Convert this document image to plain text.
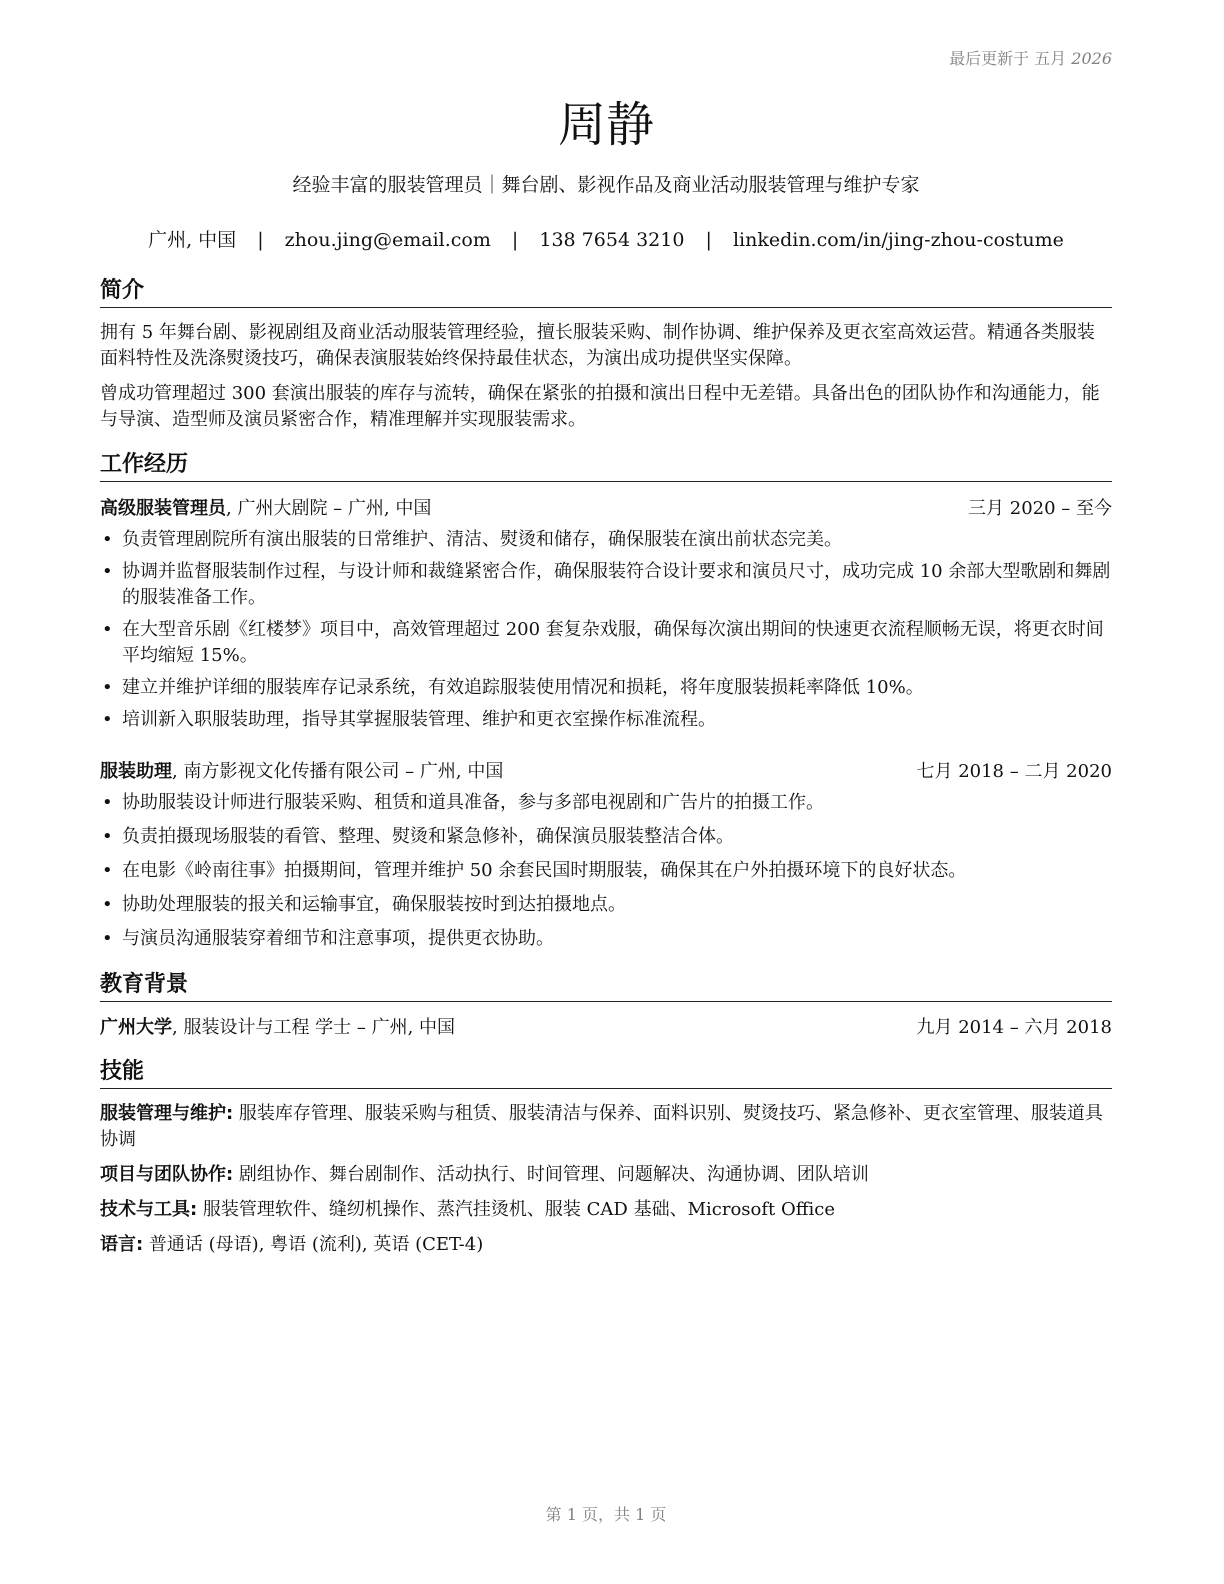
最后更新于 五月 2026
周静
经验丰富的服装管理员｜舞台剧、影视作品及商业活动服装管理与维护专家
广州, 中国 | zhou.jing@email.com | 138 7654 3210 | linkedin.com/in/jing-zhou-costume
简介

拥有 5 年舞台剧、影视剧组及商业活动服装管理经验，擅长服装采购、制作协调、维护保养及更衣室高效运营。精通各类服装面料特性及洗涤熨烫技巧，确保表演服装始终保持最佳状态，为演出成功提供坚实保障。

曾成功管理超过 300 套演出服装的库存与流转，确保在紧张的拍摄和演出日程中无差错。具备出色的团队协作和沟通能力，能与导演、造型师及演员紧密合作，精准理解并实现服装需求。

工作经历
高级服装管理员, 广州大剧院 – 广州, 中国	三月 2020 – 至今
• 负责管理剧院所有演出服装的日常维护、清洁、熨烫和储存，确保服装在演出前状态完美。
• 协调并监督服装制作过程，与设计师和裁缝紧密合作，确保服装符合设计要求和演员尺寸，成功完成 10 余部大型歌剧和舞剧的服装准备工作。
• 在大型音乐剧《红楼梦》项目中，高效管理超过 200 套复杂戏服，确保每次演出期间的快速更衣流程顺畅无误，将更衣时间平均缩短 15%。
• 建立并维护详细的服装库存记录系统，有效追踪服装使用情况和损耗，将年度服装损耗率降低 10%。
• 培训新入职服装助理，指导其掌握服装管理、维护和更衣室操作标准流程。
服装助理, 南方影视文化传播有限公司 – 广州, 中国	七月 2018 – 二月 2020
• 协助服装设计师进行服装采购、租赁和道具准备，参与多部电视剧和广告片的拍摄工作。
• 负责拍摄现场服装的看管、整理、熨烫和紧急修补，确保演员服装整洁合体。
• 在电影《岭南往事》拍摄期间，管理并维护 50 余套民国时期服装，确保其在户外拍摄环境下的良好状态。
• 协助处理服装的报关和运输事宜，确保服装按时到达拍摄地点。
• 与演员沟通服装穿着细节和注意事项，提供更衣协助。
教育背景
广州大学, 服装设计与工程 学士 – 广州, 中国	九月 2014 – 六月 2018
技能

服装管理与维护: 服装库存管理、服装采购与租赁、服装清洁与保养、面料识别、熨烫技巧、紧急修补、更衣室管理、服装道具协调

项目与团队协作: 剧组协作、舞台剧制作、活动执行、时间管理、问题解决、沟通协调、团队培训

技术与工具: 服装管理软件、缝纫机操作、蒸汽挂烫机、服装 CAD 基础、Microsoft Office

语言: 普通话 (母语), 粤语 (流利), 英语 (CET-4)

第 1 页，共 1 页
